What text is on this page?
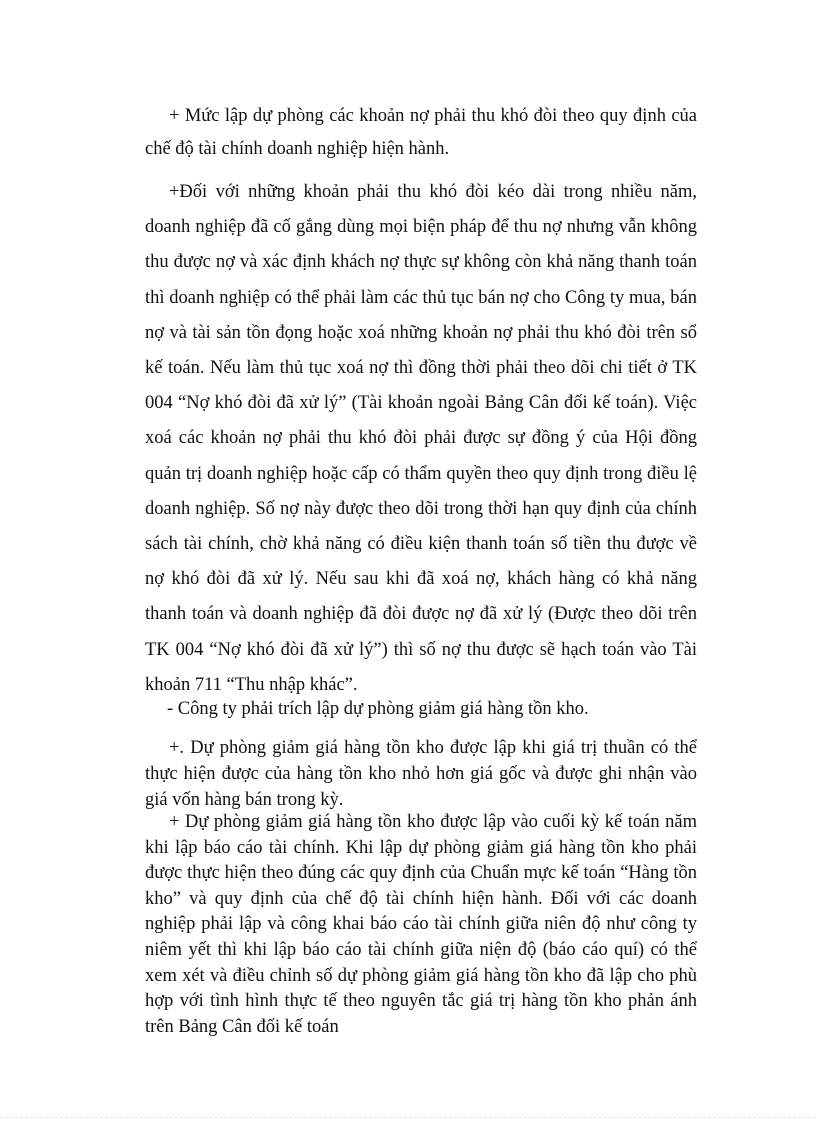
+ Mức lập dự phòng các khoản nợ phải thu khó đòi theo quy định của chế độ tài chính doanh nghiệp hiện hành.

+Đối với những khoản phải thu khó đòi kéo dài trong nhiều năm, doanh nghiệp đã cố gắng dùng mọi biện pháp để thu nợ nhưng vẫn không thu được nợ và xác định khách nợ thực sự không còn khả năng thanh toán thì doanh nghiệp có thể phải làm các thủ tục bán nợ cho Công ty mua, bán nợ và tài sản tồn đọng hoặc xoá những khoản nợ phải thu khó đòi trên sổ kế toán. Nếu làm thủ tục xoá nợ thì đồng thời phải theo dõi chi tiết ở TK 004 “Nợ khó đòi đã xử lý” (Tài khoản ngoài Bảng Cân đối kế toán). Việc xoá các khoản nợ phải thu khó đòi phải được sự đồng ý của Hội đồng quản trị doanh nghiệp hoặc cấp có thẩm quyền theo quy định trong điều lệ doanh nghiệp. Số nợ này được theo dõi trong thời hạn quy định của chính sách tài chính, chờ khả năng có điều kiện thanh toán số tiền thu được về nợ khó đòi đã xử lý. Nếu sau khi đã xoá nợ, khách hàng có khả năng thanh toán và doanh nghiệp đã đòi được nợ đã xử lý (Được theo dõi trên TK 004 “Nợ khó đòi đã xử lý”) thì số nợ thu được sẽ hạch toán vào Tài khoản 711 “Thu nhập khác”.

- Công ty phải trích lập dự phòng giảm giá hàng tồn kho.

+. Dự phòng giảm giá hàng tồn kho được lập khi giá trị thuần có thể thực hiện được của hàng tồn kho nhỏ hơn giá gốc và được ghi nhận vào giá vốn hàng bán trong kỳ.

+ Dự phòng giảm giá hàng tồn kho được lập vào cuối kỳ kế toán năm khi lập báo cáo tài chính. Khi lập dự phòng giảm giá hàng tồn kho phải được thực hiện theo đúng các quy định của Chuẩn mực kế toán “Hàng tồn kho” và quy định của chế độ tài chính hiện hành. Đối với các doanh nghiệp phải lập và công khai báo cáo tài chính giữa niên độ như công ty niêm yết thì khi lập báo cáo tài chính giữa niện độ (báo cáo quí) có thể xem xét và điều chỉnh số dự phòng giảm giá hàng tồn kho đã lập cho phù hợp với tình hình thực tế theo nguyên tắc giá trị hàng tồn kho phản ánh trên Bảng Cân đối kế toán
